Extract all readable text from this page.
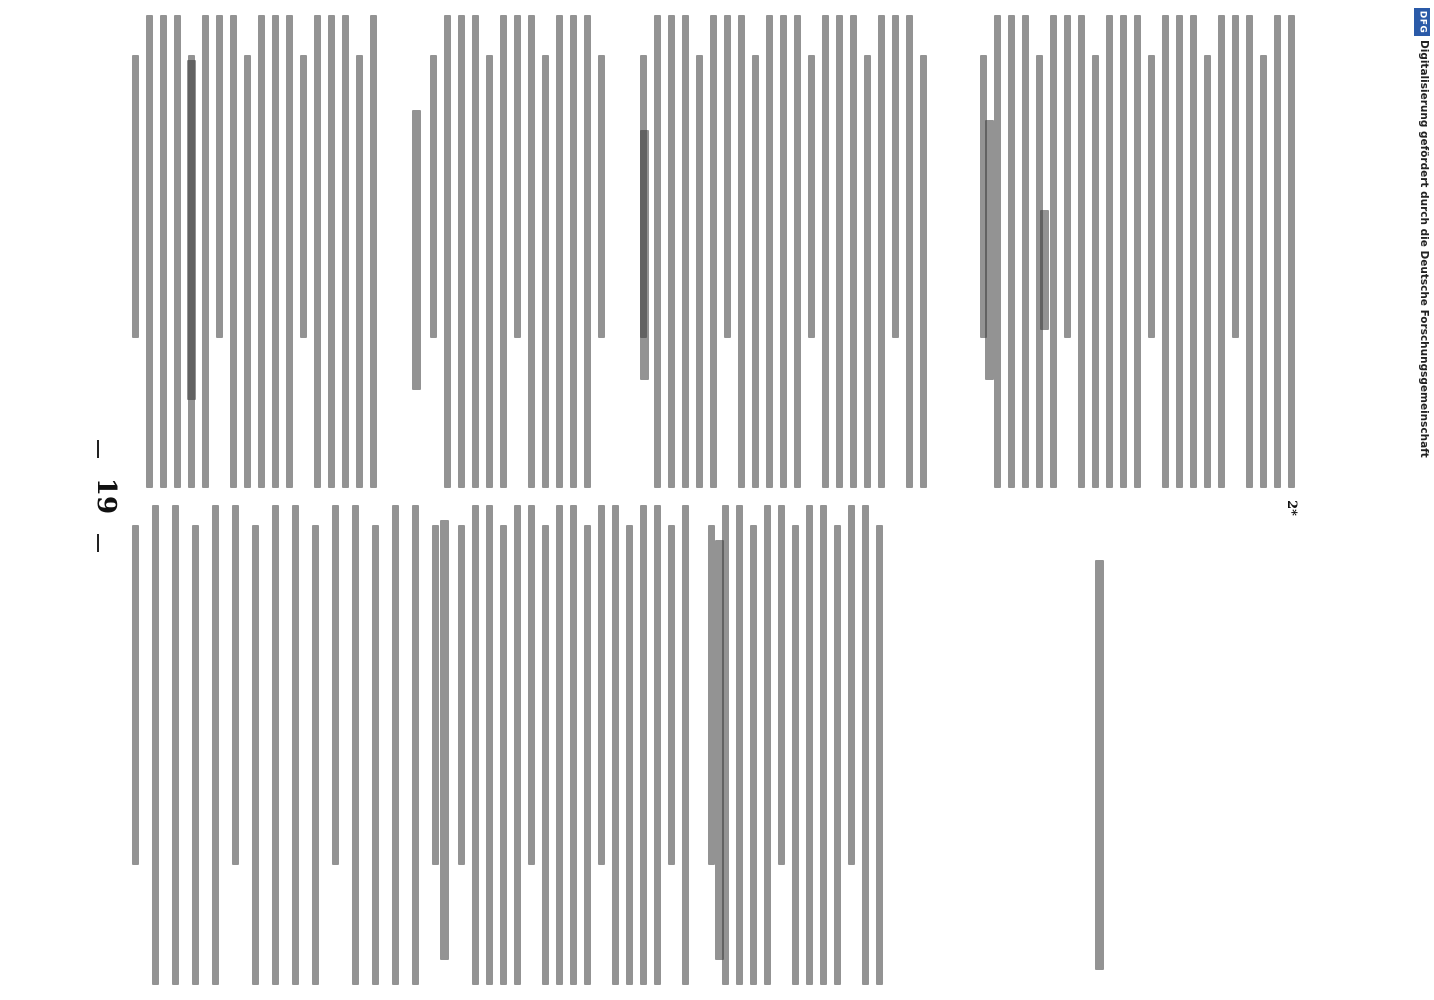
19	2*
DFG
Digitalisierung gefördert durch die Deutsche Forschungsgemeinschaft
